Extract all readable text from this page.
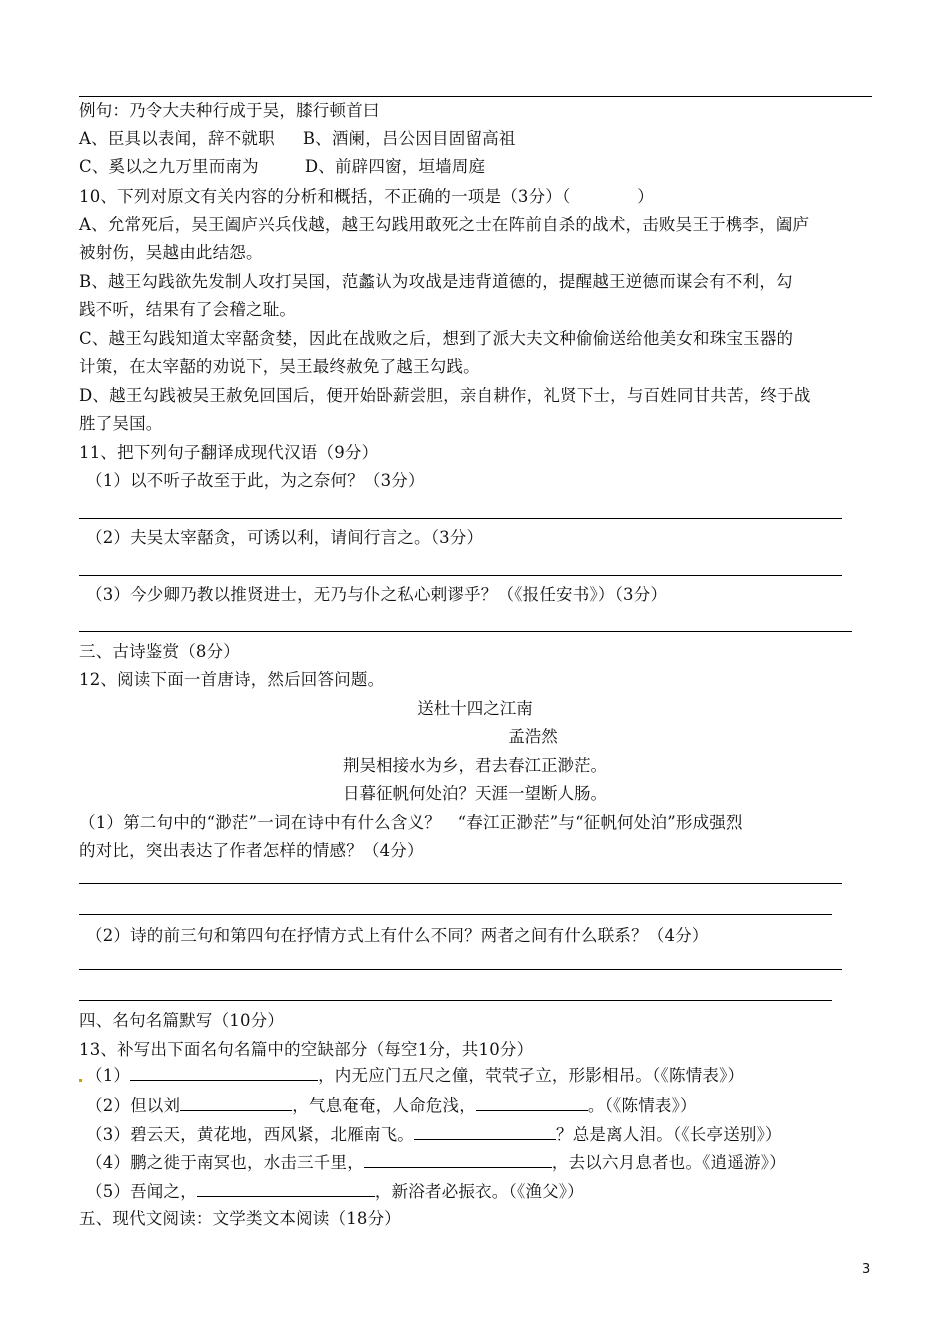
例句：乃令大夫种行成于吴，膝行顿首曰
A、臣具以表闻，辞不就职 B、酒阑，吕公因目固留高祖
C、奚以之九万里而南为	D、前辟四窗，垣墙周庭
10、下列对原文有关内容的分析和概括，不正确的一项是（3分）（　　　　）
A、允常死后，吴王阖庐兴兵伐越，越王勾践用敢死之士在阵前自杀的战术，击败吴王于槜李，阖庐
被射伤，吴越由此结怨。
B、越王勾践欲先发制人攻打吴国，范蠡认为攻战是违背道德的，提醒越王逆德而谋会有不利，勾
践不听，结果有了会稽之耻。
C、越王勾践知道太宰嚭贪婪，因此在战败之后，想到了派大夫文种偷偷送给他美女和珠宝玉器的
计策，在太宰嚭的劝说下，吴王最终赦免了越王勾践。
D、越王勾践被吴王赦免回国后，便开始卧薪尝胆，亲自耕作，礼贤下士，与百姓同甘共苦，终于战
胜了吴国。
11、把下列句子翻译成现代汉语（9分）
（1）以不听子故至于此，为之奈何？（3分）
（2）夫吴太宰嚭贪，可诱以利，请间行言之。（3分）
（3）今少卿乃教以推贤进士，无乃与仆之私心剌谬乎？（《报任安书》）（3分）
三、古诗鉴赏（8分）
12、阅读下面一首唐诗，然后回答问题。
送杜十四之江南
孟浩然
荆吴相接水为乡，君去春江正渺茫。
日暮征帆何处泊？天涯一望断人肠。
（1）第二句中的“渺茫”一词在诗中有什么含义？　“春江正渺茫”与“征帆何处泊”形成强烈
的对比，突出表达了作者怎样的情感？（4分）
（2）诗的前三句和第四句在抒情方式上有什么不同？两者之间有什么联系？（4分）
四、名句名篇默写（10分）
13、补写出下面名句名篇中的空缺部分（每空1分，共10分）
（1）	，内无应门五尺之僮，茕茕孑立，形影相吊。（《陈情表》）
（2）但以刘	，气息奄奄，人命危浅，	。（《陈情表》）
（3）碧云天，黄花地，西风紧，北雁南飞。	？总是离人泪。（《长亭送别》）
（4）鹏之徙于南冥也，水击三千里，	，去以六月息者也。《逍遥游》）
（5）吾闻之，	，新浴者必振衣。（《渔父》）
五、现代文阅读：文学类文本阅读（18分）
3
